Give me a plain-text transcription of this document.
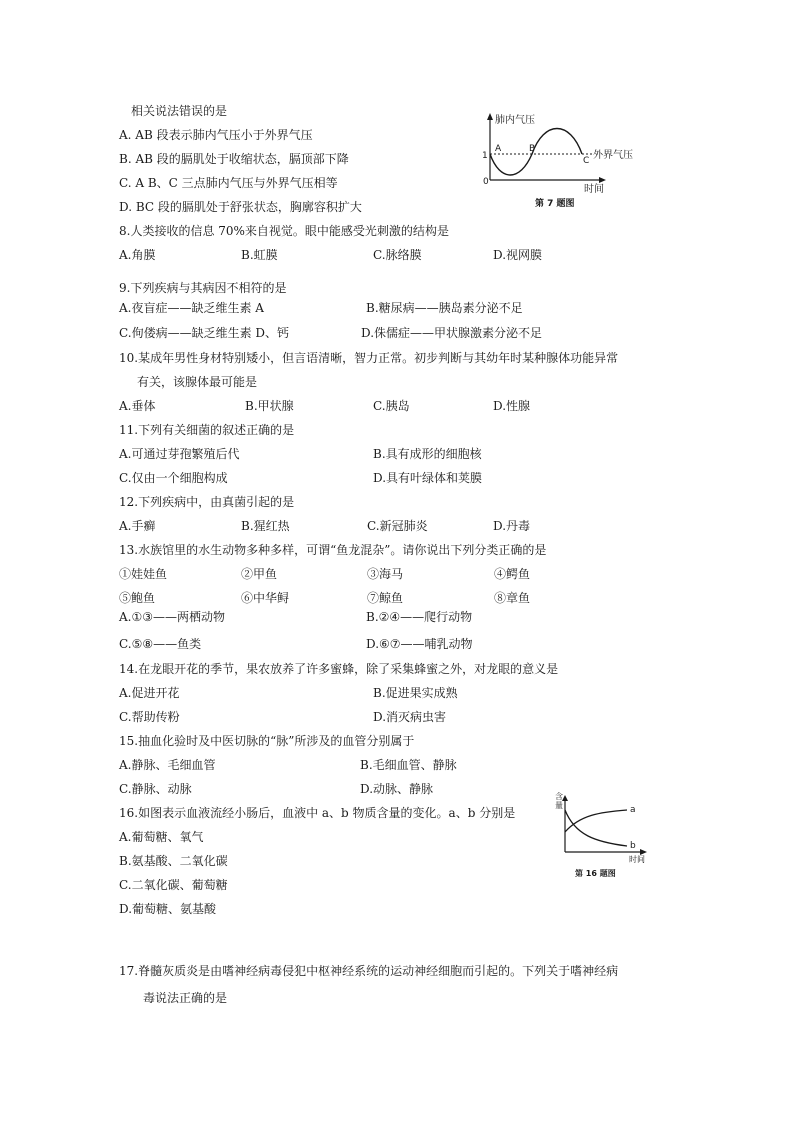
相关说法错误的是
A. AB 段表示肺内气压小于外界气压
B. AB 段的膈肌处于收缩状态，膈顶部下降
C. A B、C 三点肺内气压与外界气压相等
D. BC 段的膈肌处于舒张状态，胸廓容积扩大
肺内气压
1
0
A	B
C 外界气压
时间
第 7 题图
8.人类接收的信息 70%来自视觉。眼中能感受光刺激的结构是
A.角膜	B.虹膜	C.脉络膜	D.视网膜
9.下列疾病与其病因不相符的是
A.夜盲症——缺乏维生素 A	B.糖尿病——胰岛素分泌不足
C.佝偻病——缺乏维生素 D、钙	D.侏儒症——甲状腺激素分泌不足
10.某成年男性身材特别矮小，但言语清晰，智力正常。初步判断与其幼年时某种腺体功能异常
有关，该腺体最可能是
A.垂体	B.甲状腺	C.胰岛	D.性腺
11.下列有关细菌的叙述正确的是
A.可通过芽孢繁殖后代	B.具有成形的细胞核
C.仅由一个细胞构成	D.具有叶绿体和荚膜
12.下列疾病中，由真菌引起的是
A.手癣	B.猩红热	C.新冠肺炎	D.丹毒
13.水族馆里的水生动物多种多样，可谓“鱼龙混杂”。请你说出下列分类正确的是
①娃娃鱼	②甲鱼	③海马	④鳄鱼
⑤鲍鱼	⑥中华鲟	⑦鲸鱼	⑧章鱼
A.①③——两栖动物	B.②④——爬行动物
C.⑤⑧——鱼类	D.⑥⑦——哺乳动物
14.在龙眼开花的季节，果农放养了许多蜜蜂，除了采集蜂蜜之外，对龙眼的意义是
A.促进开花	B.促进果实成熟
C.帮助传粉	D.消灭病虫害
15.抽血化验时及中医切脉的“脉”所涉及的血管分别属于
A.静脉、毛细血管	B.毛细血管、静脉
C.静脉、动脉	D.动脉、静脉
16.如图表示血液流经小肠后，血液中 a、b 物质含量的变化。a、b 分别是
A.葡萄糖、氧气
B.氨基酸、二氧化碳
C.二氧化碳、葡萄糖
D.葡萄糖、氨基酸
含
量	a
b
时间
第 16 题图
17.脊髓灰质炎是由嗜神经病毒侵犯中枢神经系统的运动神经细胞而引起的。下列关于嗜神经病
毒说法正确的是
